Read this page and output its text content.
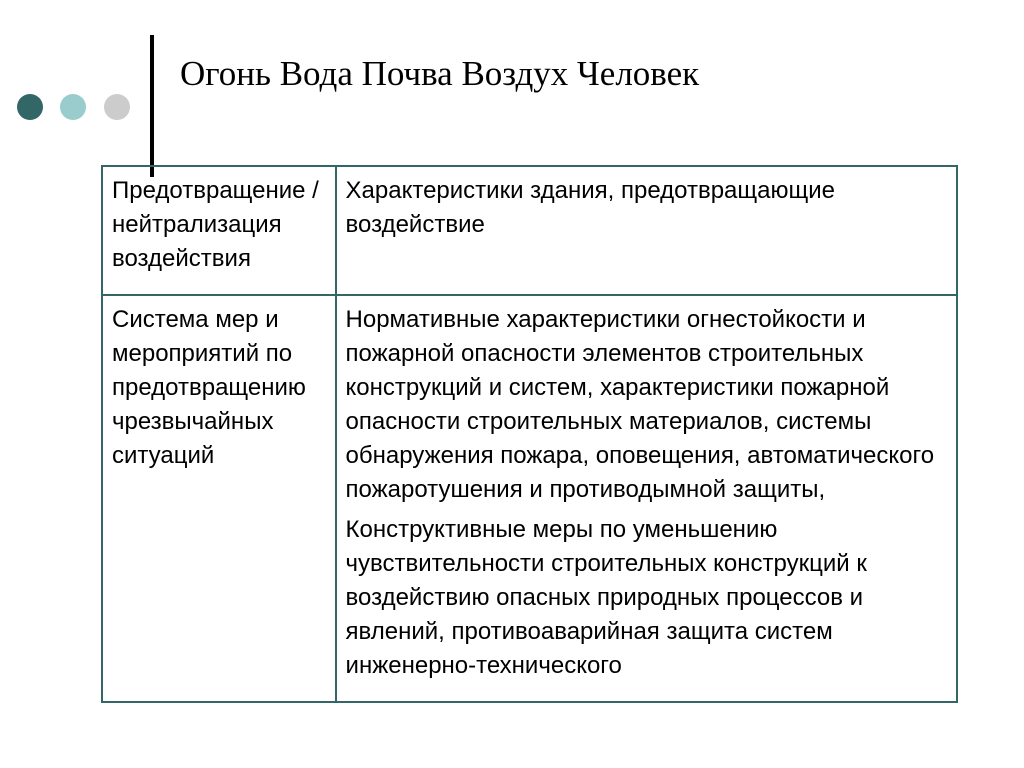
Огонь Вода Почва Воздух Человек
Предотвращение /нейтрализация воздействия	Характеристики здания, предотвращающие воздействие

Система мер и мероприятий по предотвращению чрезвычайных ситуаций	Нормативные характеристики огнестойкости и пожарной опасности элементов строительных конструкций и систем, характеристики пожарной опасности строительных материалов, системы обнаружения пожара, оповещения, автоматического пожаротушения и противодымной защиты,
Конструктивные меры по уменьшению чувствительности строительных конструкций к воздействию опасных природных процессов и явлений, противоаварийная защита систем инженерно-технического
